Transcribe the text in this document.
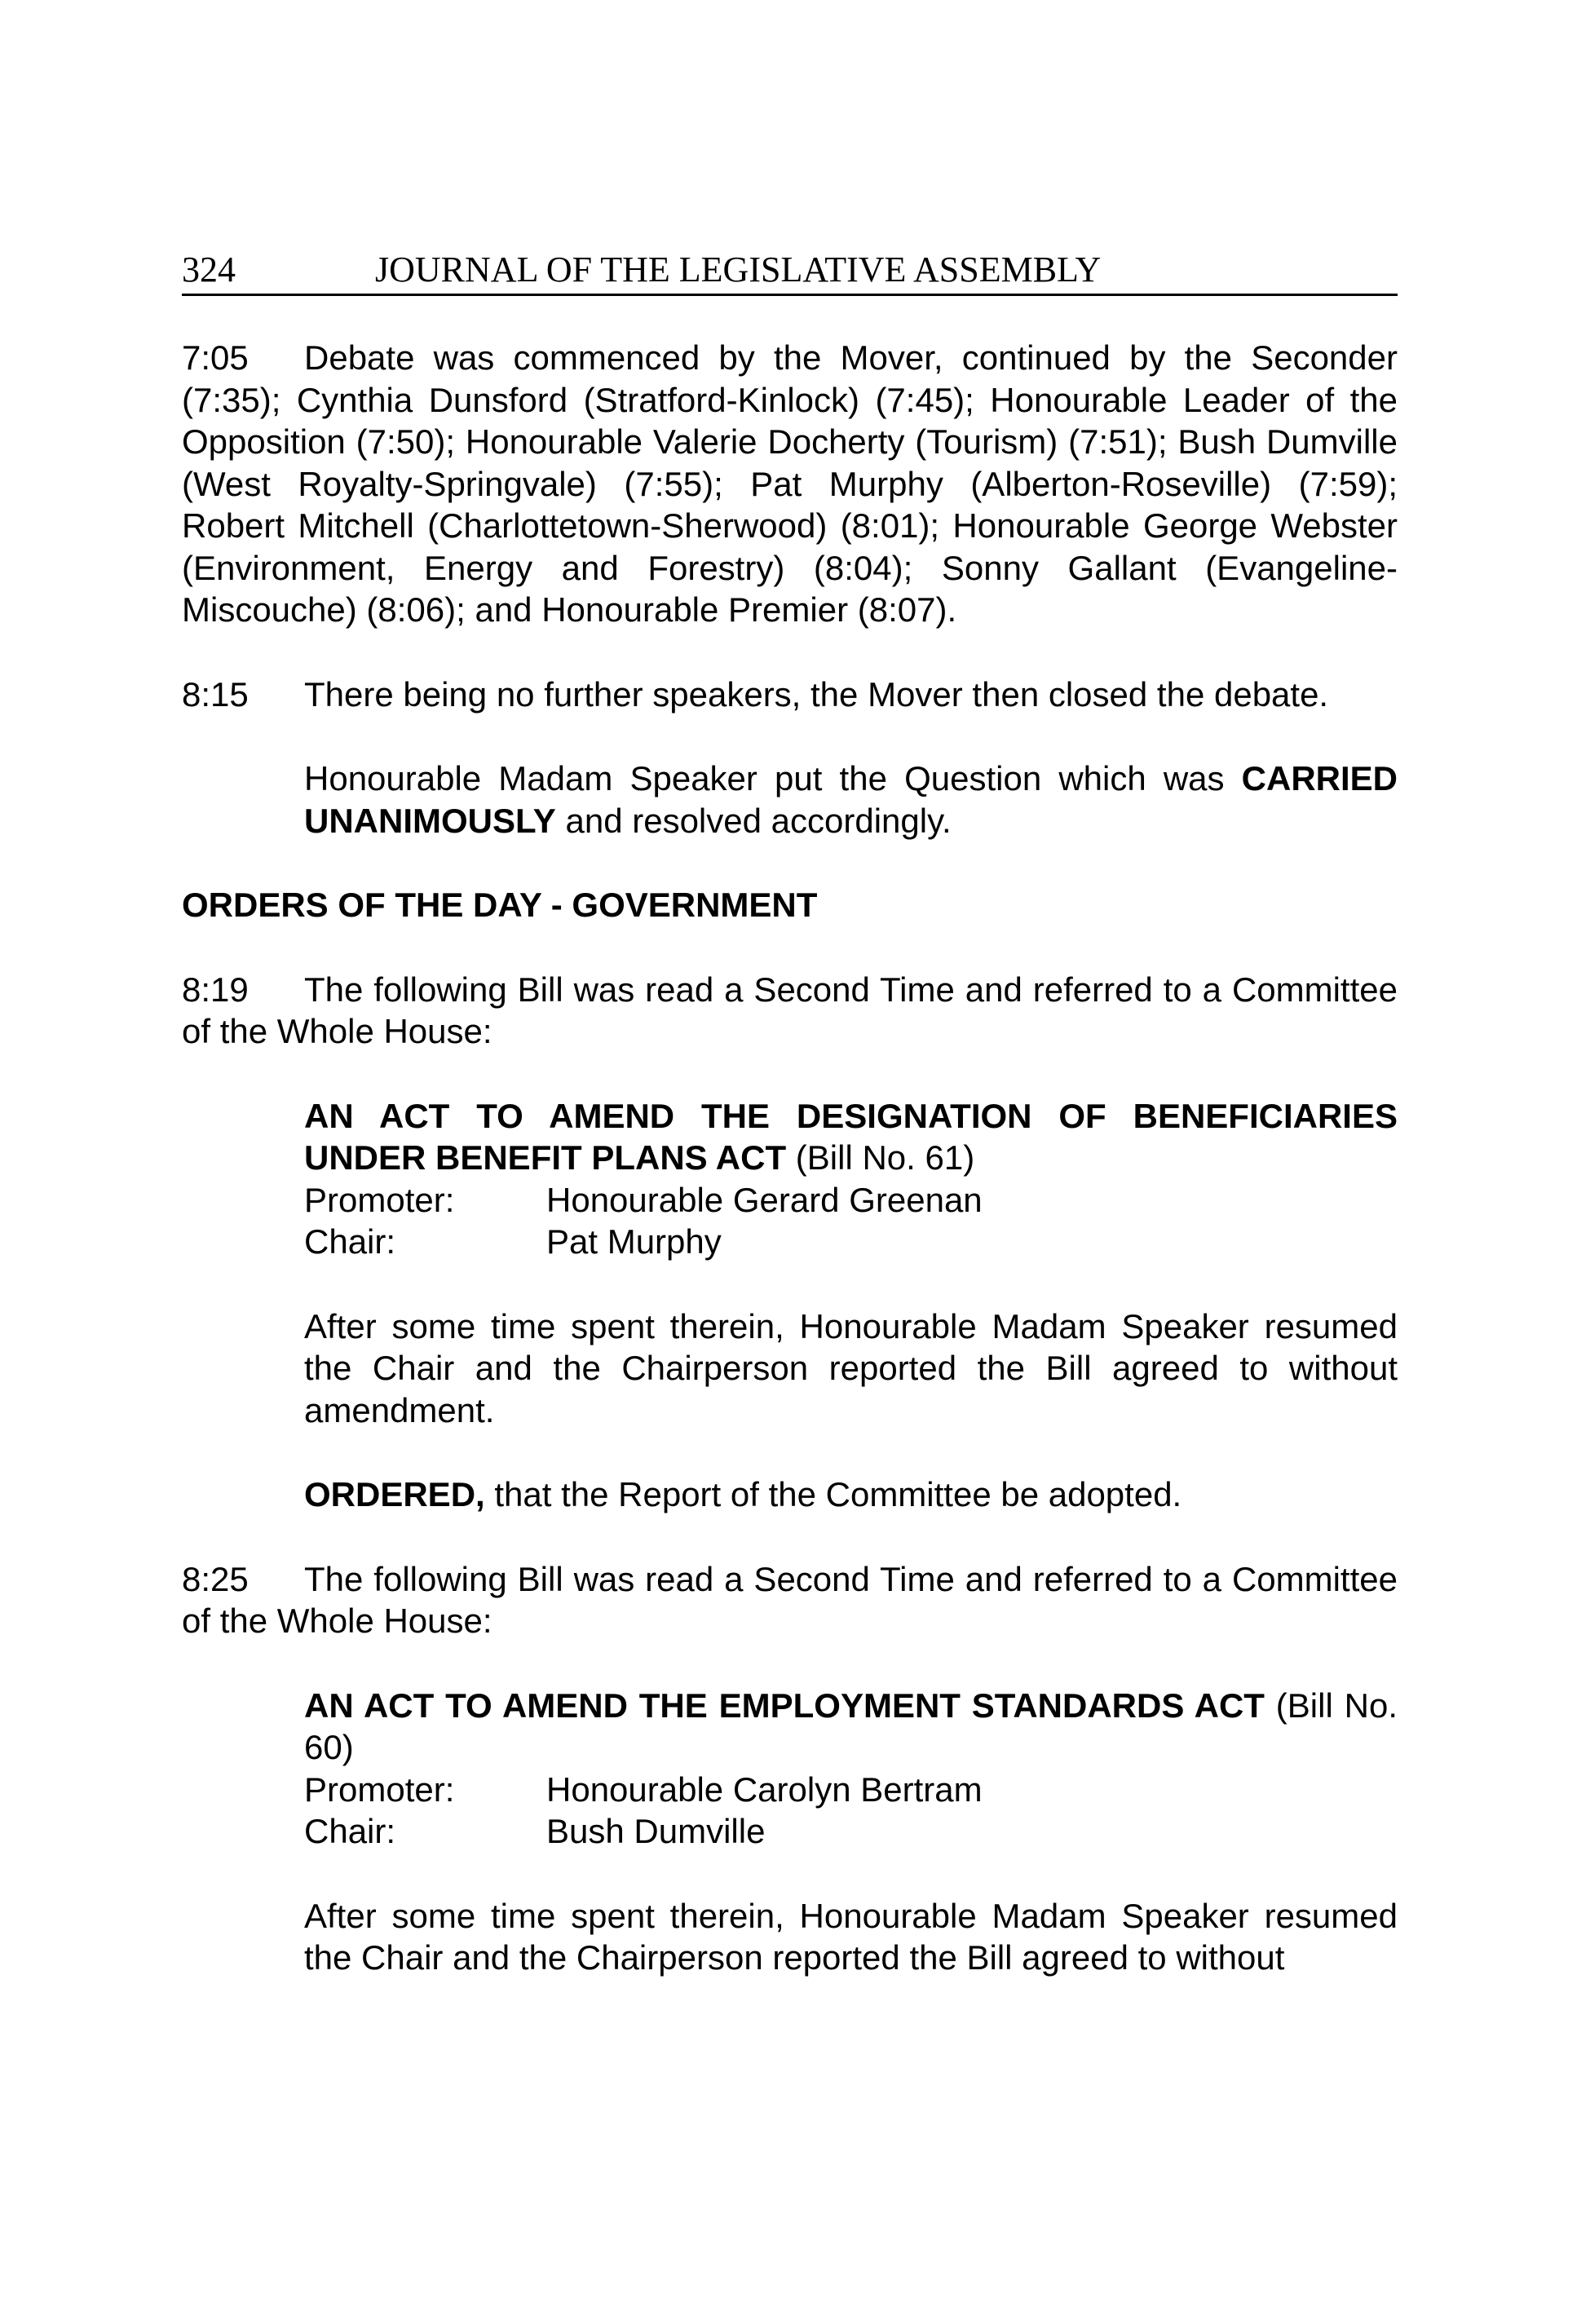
324	JOURNAL OF THE LEGISLATIVE ASSEMBLY

7:05 Debate was commenced by the Mover, continued by the Seconder (7:35); Cynthia Dunsford (Stratford-Kinlock) (7:45); Honourable Leader of the Opposition (7:50); Honourable Valerie Docherty (Tourism) (7:51); Bush Dumville (West Royalty-Springvale) (7:55); Pat Murphy (Alberton-Roseville) (7:59); Robert Mitchell (Charlottetown-Sherwood) (8:01); Honourable George Webster (Environment, Energy and Forestry) (8:04); Sonny Gallant (Evangeline-Miscouche) (8:06); and Honourable Premier (8:07).

8:15 There being no further speakers, the Mover then closed the debate.

Honourable Madam Speaker put the Question which was CARRIED UNANIMOUSLY and resolved accordingly.

ORDERS OF THE DAY - GOVERNMENT

8:19 The following Bill was read a Second Time and referred to a Committee of the Whole House:

AN ACT TO AMEND THE DESIGNATION OF BENEFICIARIES UNDER BENEFIT PLANS ACT (Bill No. 61)

Promoter:	Honourable Gerard Greenan
Chair:	Pat Murphy

After some time spent therein, Honourable Madam Speaker resumed the Chair and the Chairperson reported the Bill agreed to without amendment.

ORDERED, that the Report of the Committee be adopted.

8:25 The following Bill was read a Second Time and referred to a Committee of the Whole House:

AN ACT TO AMEND THE EMPLOYMENT STANDARDS ACT (Bill No. 60)

Promoter:	Honourable Carolyn Bertram
Chair:	Bush Dumville

After some time spent therein, Honourable Madam Speaker resumed the Chair and the Chairperson reported the Bill agreed to without
